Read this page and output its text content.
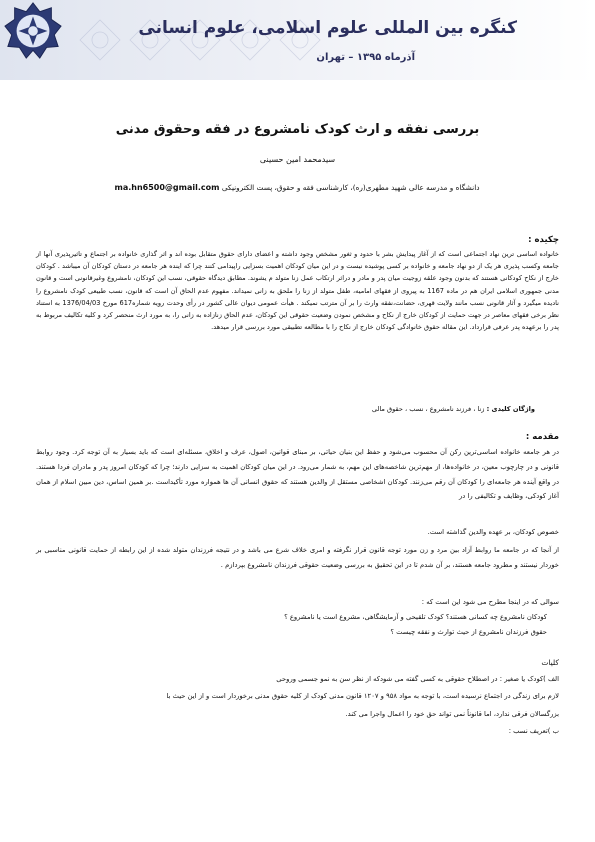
کنگره بین المللی علوم اسلامی، علوم انسانی
آذرماه ۱۳۹۵ – تهران
بررسی نفقه و ارث کودک نامشروع در فقه وحقوق مدنی
سیدمحمد امین حسینی
دانشگاه و مدرسه عالی شهید مطهری(ره)، کارشناسی فقه و حقوق، پست الکترونیکی ma.hn6500@gmail.com
چکیده :
خانواده اساسی ترین نهاد اجتماعی است که از آغاز پیدایش بشر با حدود و ثغور مشخص وجود داشته و اعضای دارای حقوق متقابل بوده اند و اثر گذاری خانواده بر اجتماع و تاثیرپذیری آنها از جامعه وکسب پذیری هر یک از دو نهاد جامعه و خانواده بر کسی پوشیده نیست و در این میان کودکان اهمیت بسزایی راپیدامی کنند چرا که اینده هر جامعه در دستان کودکان آن میباشد . کودکان خارج از نکاح کودکانی هستند که بدنون وجود علقه زوجیت میان پدر و مادر و دراثر ارتکاب عمل زنا متولد م یشوند. مطابق دیدگاه حقوقی، نسب این کودکان، نامشروع وغیرقانونی است و قانون مدنی جمهوری اسلامی ایران هم در ماده 1167 به پیروی از فقهای امامیه، طفل متولد از زنا را ملحق به زانی نمیداند. مفهوم عدم الحاق آن است که قانون، نسب طبیعی کودک نامشروع را نادیده میگیرد و آثار قانونی نسب مانند ولایت قهری، حضانت،نفقه وارث را بر آن مترتب نمیکند . هیأت عمومی دیوان عالی کشور در رأی وحدت رویه شماره617 مورخ 1376/04/03 به استناد نظر برخی فقهای معاصر در جهت حمایت از کودکان خارج از نکاح و مشخص نمودن وضعیت حقوقی این کودکان، عدم الحاق زنازاده به زانی را، به مورد ارث منحصر کرد و کلیه تکالیف مربوط به پدر را برعهده پدر عرفی قرارداد. این مقاله حقوق خانوادگی کودکان خارج از نکاح را با مطالعه تطبیقی مورد بررسی قرار میدهد.
واژگان کلیدی : زنا ، فرزند نامشروع ، نسب ، حقوق مالی
مقدمه :
در هر جامعه خانواده اساسی‌ترین رکن آن محسوب می‌شود و حفظ این بنیان حیاتی، بر مبنای قوانین، اصول، عرف و اخلاق، مسئله‌ای است که باید بسیار به آن توجه کرد. وجود روابط قانونی و در چارچوب معین، در خانواده‌ها، از مهم‌ترین شاخصه‌های این مهم، به شمار می‌رود. در این میان کودکان اهمیت به سزایی دارند؛ چرا که کودکان امروز پدر و مادران فردا هستند. در واقع آینده هر جامعه‌ای را کودکان آن رقم می‌زنند. کودکان اشخاصی مستقل از والدین هستند که حقوق انسانی آن ها همواره مورد تأکیداست .بر همین اساس، دین مبین اسلام از همان آغاز کودکی، وظایف و تکالیفی را در
خصوص کودکان، بر عهده والدین گذاشته است.
از آنجا که در جامعه ما روابط آزاد بین مرد و زن مورد توجه قانون قرار نگرفته و امری خلاف شرع می باشد و در نتیجه فرزندان متولد شده از این رابطه از حمایت قانونی مناسبی بر خوردار نیستند و مطرود جامعه هستند، بر آن شدم تا در این تحقیق به بررسی وضعیت حقوقی فرزندان نامشروع بپردازم .
سوالی که در اینجا مطرح می شود این است که :
کودکان نامشروع چه کسانی هستند؟ کودک تلقیحی و آزمایشگاهی، مشروع است یا نامشروع ؟
حقوق فرزندان نامشروع از حیث توارث و نفقه چیست ؟
کلیات
الف )کودک یا صغیر : در اصطلاح حقوقی به کسی گفته می شودکه از نظر سن به نمو جسمی وروحی
لازم برای زندگی در اجتماع نرسیده است، با توجه به مواد ۹۵۸ و ۱۲۰۷ قانون مدنی کودک از کلیه حقوق مدنی برخوردار است و از این حیث با
بزرگسالان فرقی ندارد، اما قانوناً نمی تواند حق خود را اعمال واجرا می کند.
ب )تعریف نسب :
